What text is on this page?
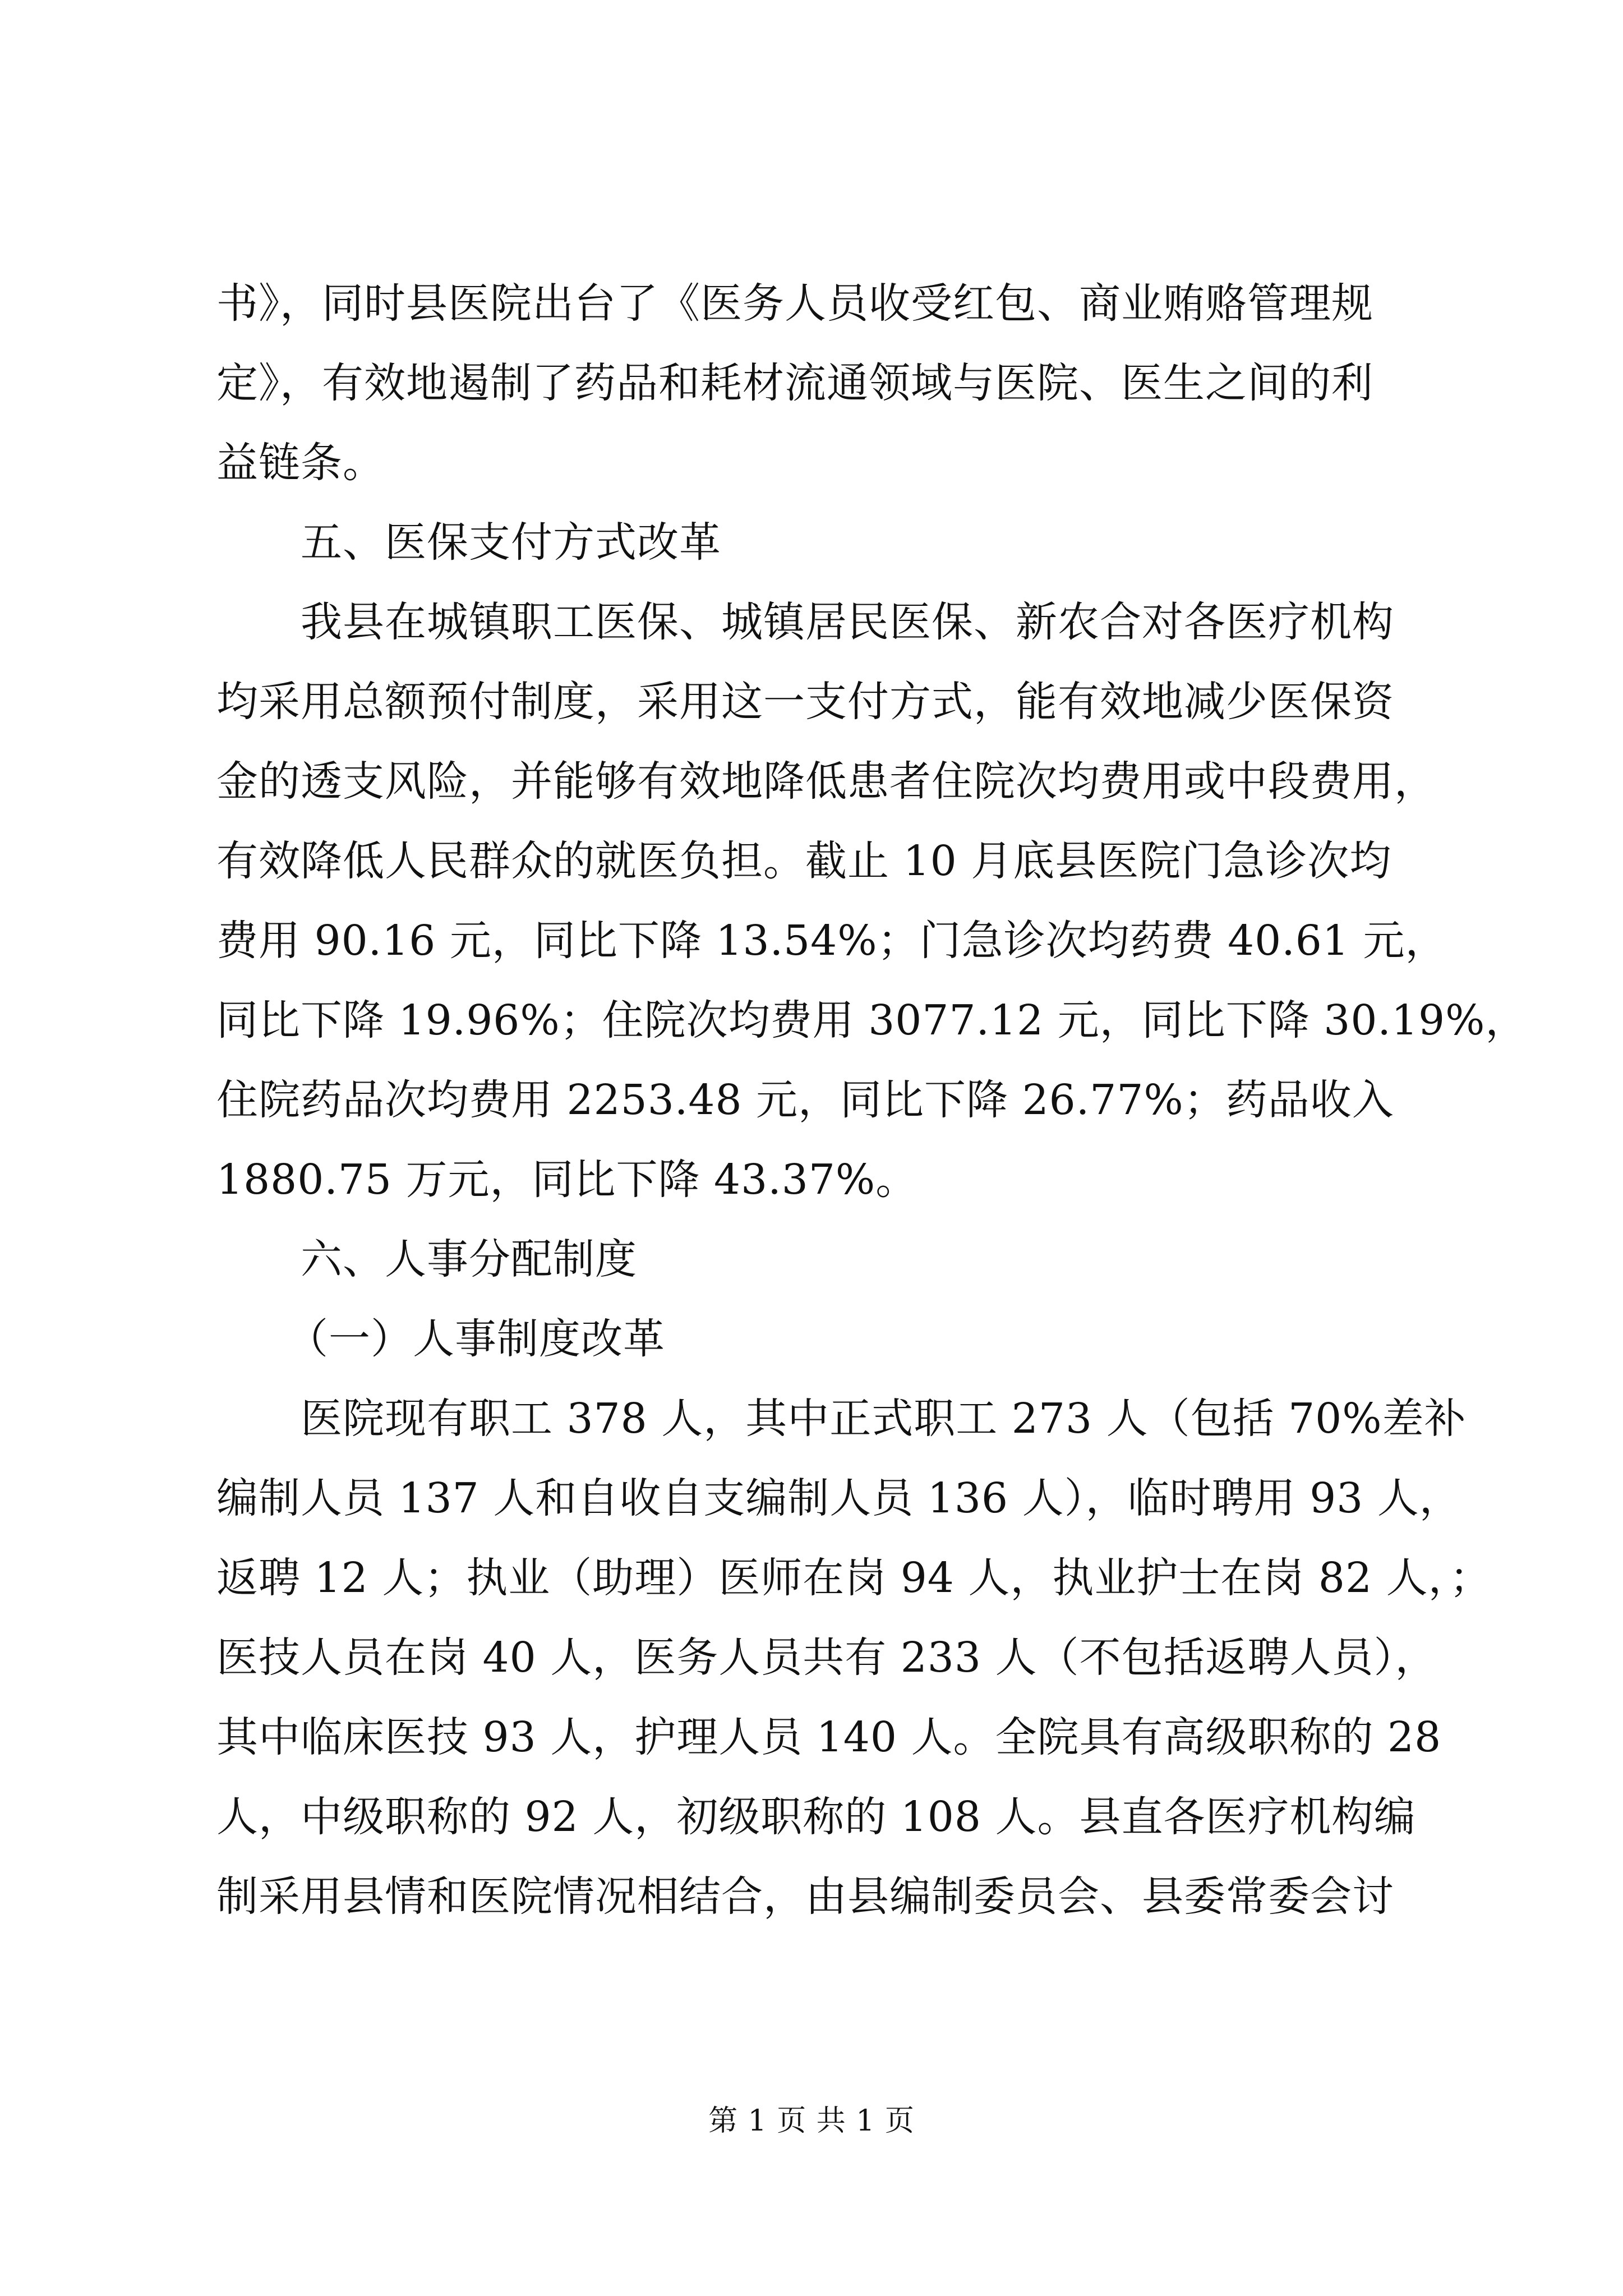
书》，同时县医院出台了《医务人员收受红包、商业贿赂管理规
定》，有效地遏制了药品和耗材流通领域与医院、医生之间的利
益链条。
五、医保支付方式改革
我县在城镇职工医保、城镇居民医保、新农合对各医疗机构
均采用总额预付制度，采用这一支付方式，能有效地减少医保资
金的透支风险，并能够有效地降低患者住院次均费用或中段费用，
有效降低人民群众的就医负担。截止 10 月底县医院门急诊次均
费用 90.16 元，同比下降 13.54%；门急诊次均药费 40.61 元，
同比下降 19.96%；住院次均费用 3077.12 元，同比下降 30.19%，
住院药品次均费用 2253.48 元，同比下降 26.77%；药品收入
1880.75 万元，同比下降 43.37%。
六、人事分配制度
（一）人事制度改革
医院现有职工 378 人，其中正式职工 273 人（包括 70%差补
编制人员 137 人和自收自支编制人员 136 人），临时聘用 93 人，
返聘 12 人；执业（助理）医师在岗 94 人，执业护士在岗 82 人，；
医技人员在岗 40 人，医务人员共有 233 人（不包括返聘人员），
其中临床医技 93 人，护理人员 140 人。全院具有高级职称的 28
人，中级职称的 92 人，初级职称的 108 人。县直各医疗机构编
制采用县情和医院情况相结合，由县编制委员会、县委常委会讨
第 1 页 共 1 页
